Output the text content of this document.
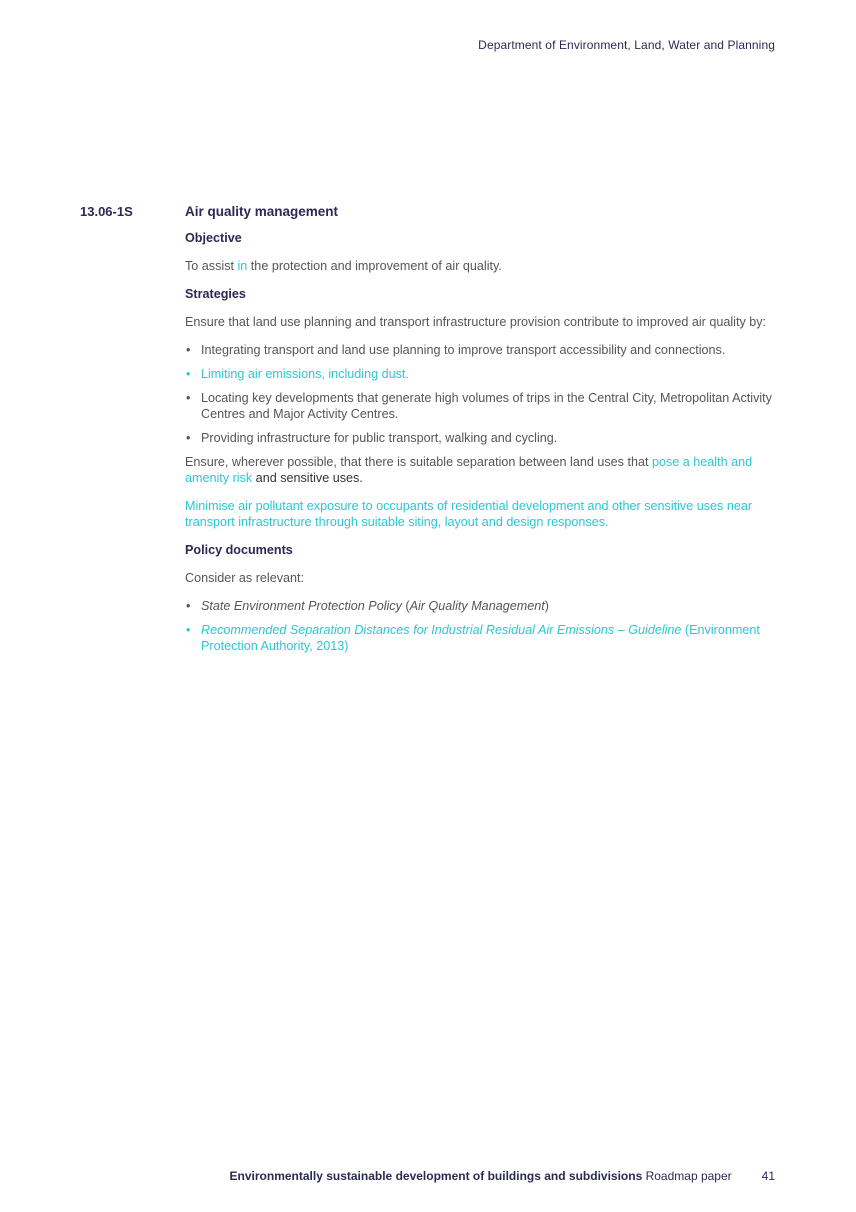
Department of Environment, Land, Water and Planning
13.06-1S	Air quality management
Objective

To assist in the protection and improvement of air quality.

Strategies

Ensure that land use planning and transport infrastructure provision contribute to improved air quality by:

• Integrating transport and land use planning to improve transport accessibility and connections.
• Limiting air emissions, including dust.
• Locating key developments that generate high volumes of trips in the Central City, Metropolitan Activity Centres and Major Activity Centres.
• Providing infrastructure for public transport, walking and cycling.

Ensure, wherever possible, that there is suitable separation between land uses that pose a health and amenity risk and sensitive uses.

Minimise air pollutant exposure to occupants of residential development and other sensitive uses near transport infrastructure through suitable siting, layout and design responses.

Policy documents

Consider as relevant:

• State Environment Protection Policy (Air Quality Management)
• Recommended Separation Distances for Industrial Residual Air Emissions – Guideline (Environment Protection Authority, 2013)
Environmentally sustainable development of buildings and subdivisions Roadmap paper	41
